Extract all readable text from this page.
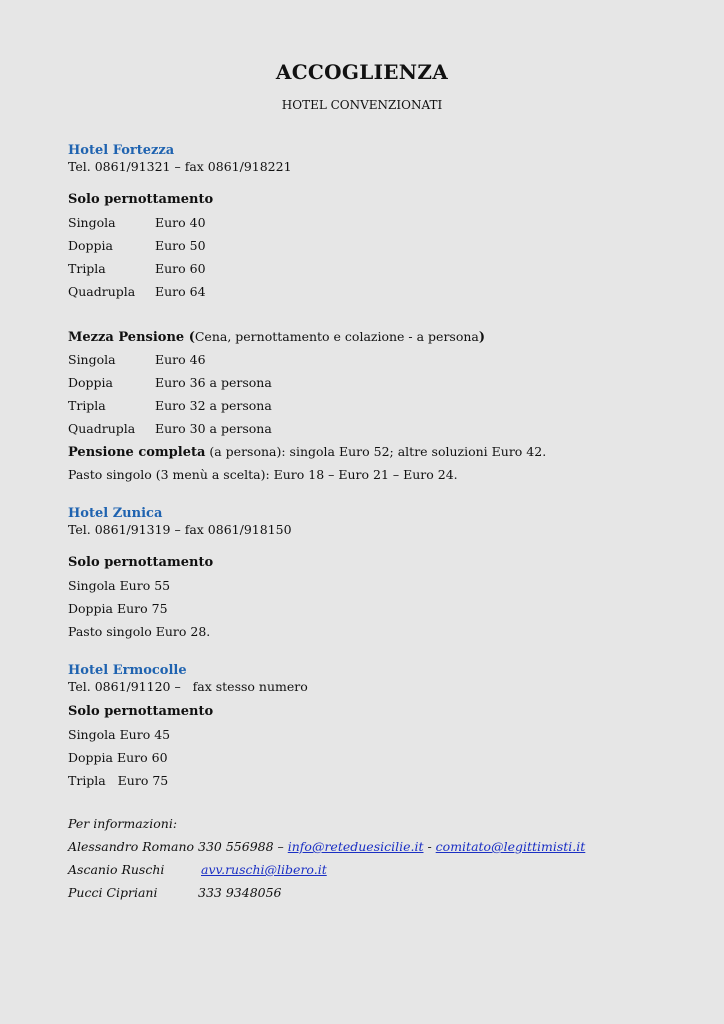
ACCOGLIENZA
HOTEL CONVENZIONATI
Hotel Fortezza
Tel. 0861/91321 – fax 0861/918221
Solo pernottamento
Singola	Euro 40
Doppia	Euro 50
Tripla	Euro 60
Quadrupla	Euro 64
Mezza Pensione (Cena, pernottamento e colazione - a persona)
Singola	Euro 46
Doppia	Euro 36 a persona
Tripla	Euro 32 a persona
Quadrupla	Euro 30 a persona
Pensione completa (a persona): singola Euro 52; altre soluzioni Euro 42.
Pasto singolo (3 menù a scelta): Euro 18 – Euro 21 – Euro 24.
Hotel Zunica
Tel. 0861/91319 – fax 0861/918150
Solo pernottamento
Singola Euro 55
Doppia Euro 75
Pasto singolo Euro 28.
Hotel Ermocolle
Tel. 0861/91120 –   fax stesso numero
Solo pernottamento
Singola Euro 45
Doppia Euro 60
Tripla   Euro 75
Per informazioni:
Alessandro Romano 330 556988 – info@reteduesicilie.it - comitato@legittimisti.it
Ascanio Ruschi	avv.ruschi@libero.it
Pucci Cipriani	333 9348056
